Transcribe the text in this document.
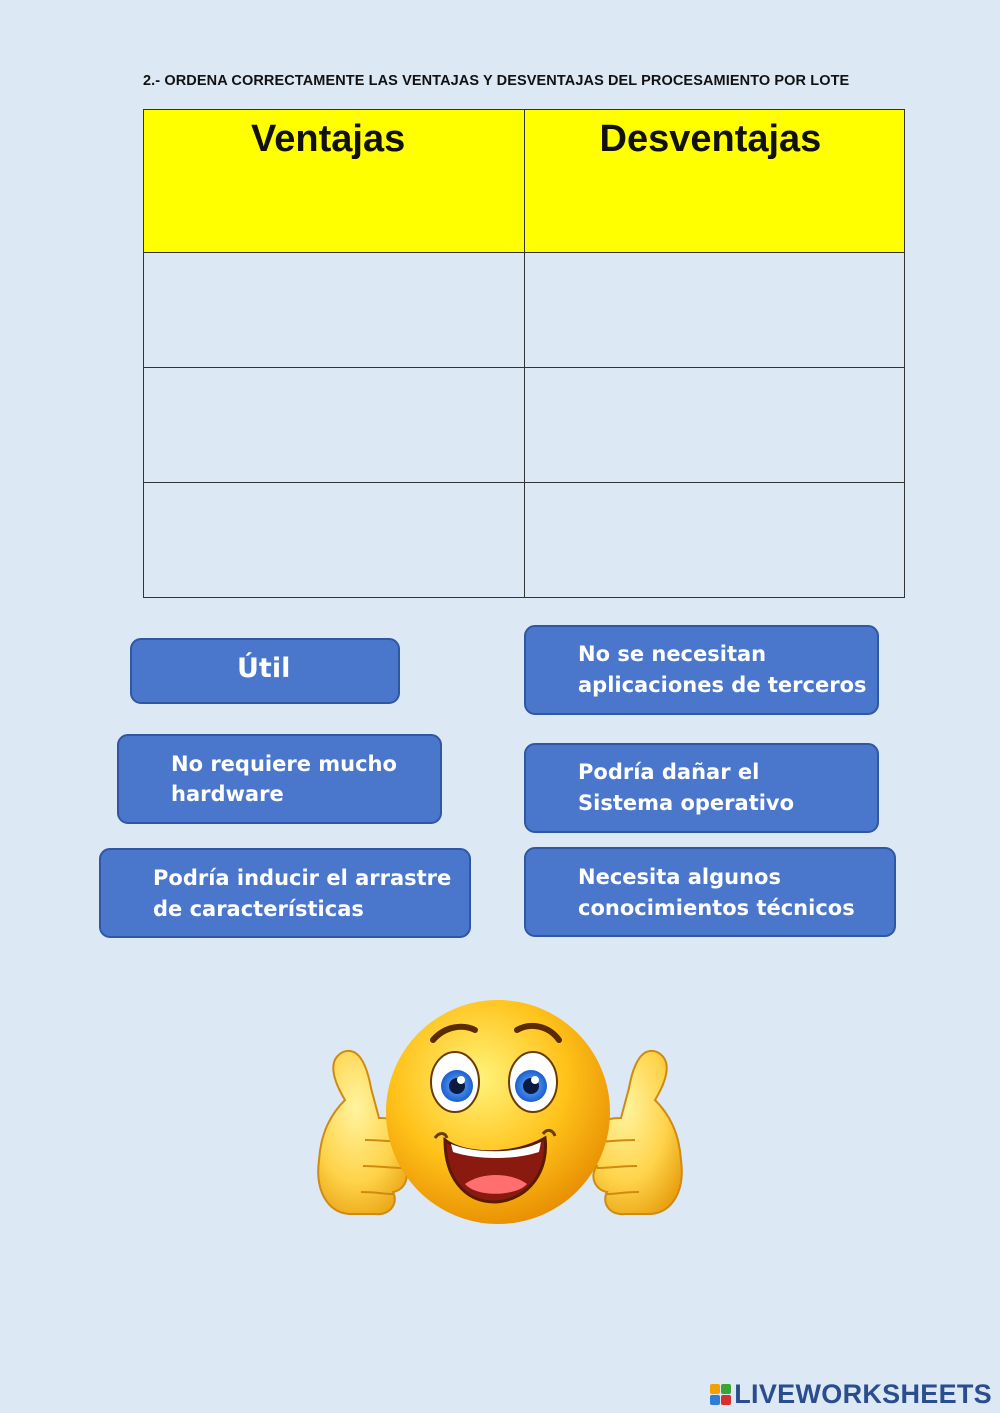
2.- ORDENA CORRECTAMENTE LAS VENTAJAS Y DESVENTAJAS DEL PROCESAMIENTO POR LOTE
Ventajas	Desventajas

Útil	No se necesitan
aplicaciones de terceros
No requiere mucho
hardware
Podría dañar el
Sistema operativo
Podría inducir el arrastre
de características
Necesita algunos
conocimientos técnicos
LIVEWORKSHEETS
